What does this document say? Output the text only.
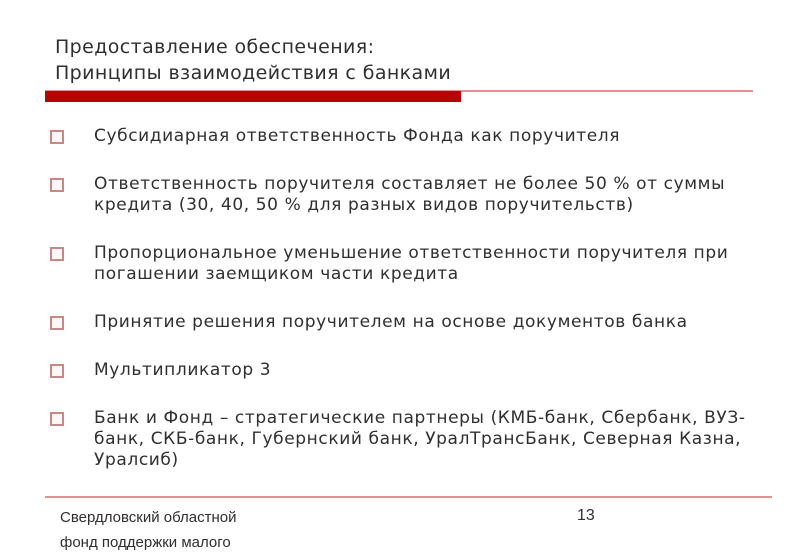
Предоставление обеспечения:
Принципы взаимодействия с банками
Субсидиарная ответственность Фонда как поручителя
Ответственность поручителя составляет не более 50 % от суммы кредита (30, 40, 50 % для разных видов поручительств)
Пропорциональное уменьшение ответственности поручителя при погашении заемщиком части кредита
Принятие решения поручителем на основе документов банка
Мультипликатор 3
Банк и Фонд – стратегические партнеры (КМБ-банк, Сбербанк, ВУЗ-банк, СКБ-банк, Губернский банк, УралТрансБанк, Северная Казна, Уралсиб)
Свердловский областной
фонд поддержки малого
13
